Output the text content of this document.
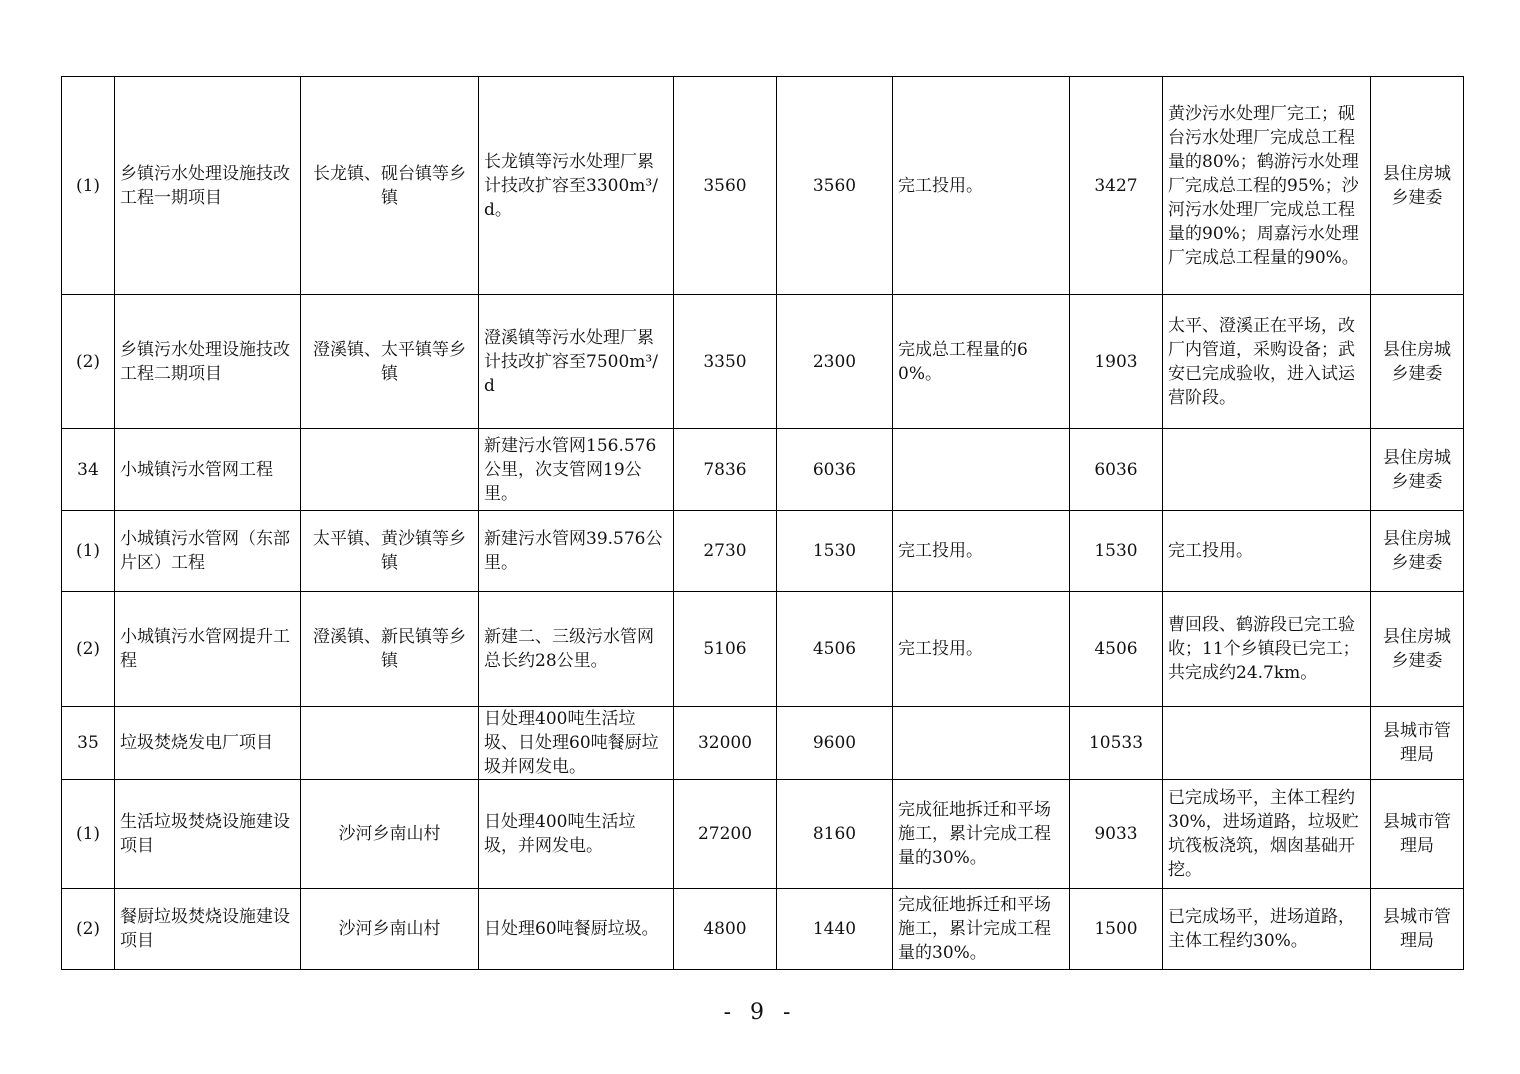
(1)	乡镇污水处理设施技改工程一期项目	长龙镇、砚台镇等乡镇	长龙镇等污水处理厂累计技改扩容至3300m³/d。	3560	3560	完工投用。	3427	黄沙污水处理厂完工；砚台污水处理厂完成总工程量的80%；鹤游污水处理厂完成总工程的95%；沙河污水处理厂完成总工程量的90%；周嘉污水处理厂完成总工程量的90%。	县住房城乡建委
(2)	乡镇污水处理设施技改工程二期项目	澄溪镇、太平镇等乡镇	澄溪镇等污水处理厂累计技改扩容至7500m³/d	3350	2300	完成总工程量的60%。	1903	太平、澄溪正在平场，改厂内管道，采购设备；武安已完成验收，进入试运营阶段。	县住房城乡建委
34	小城镇污水管网工程		新建污水管网156.576公里，次支管网19公里。	7836	6036		6036		县住房城乡建委
(1)	小城镇污水管网（东部片区）工程	太平镇、黄沙镇等乡镇	新建污水管网39.576公里。	2730	1530	完工投用。	1530	完工投用。	县住房城乡建委
(2)	小城镇污水管网提升工程	澄溪镇、新民镇等乡镇	新建二、三级污水管网总长约28公里。	5106	4506	完工投用。	4506	曹回段、鹤游段已完工验收；11个乡镇段已完工；共完成约24.7km。	县住房城乡建委
35	垃圾焚烧发电厂项目		日处理400吨生活垃圾、日处理60吨餐厨垃圾并网发电。	32000	9600		10533		县城市管理局
(1)	生活垃圾焚烧设施建设项目	沙河乡南山村	日处理400吨生活垃圾，并网发电。	27200	8160	完成征地拆迁和平场施工，累计完成工程量的30%。	9033	已完成场平，主体工程约30%，进场道路，垃圾贮坑筏板浇筑，烟囱基础开挖。	县城市管理局
(2)	餐厨垃圾焚烧设施建设项目	沙河乡南山村	日处理60吨餐厨垃圾。	4800	1440	完成征地拆迁和平场施工，累计完成工程量的30%。	1500	已完成场平，进场道路，主体工程约30%。	县城市管理局
- 9 -
